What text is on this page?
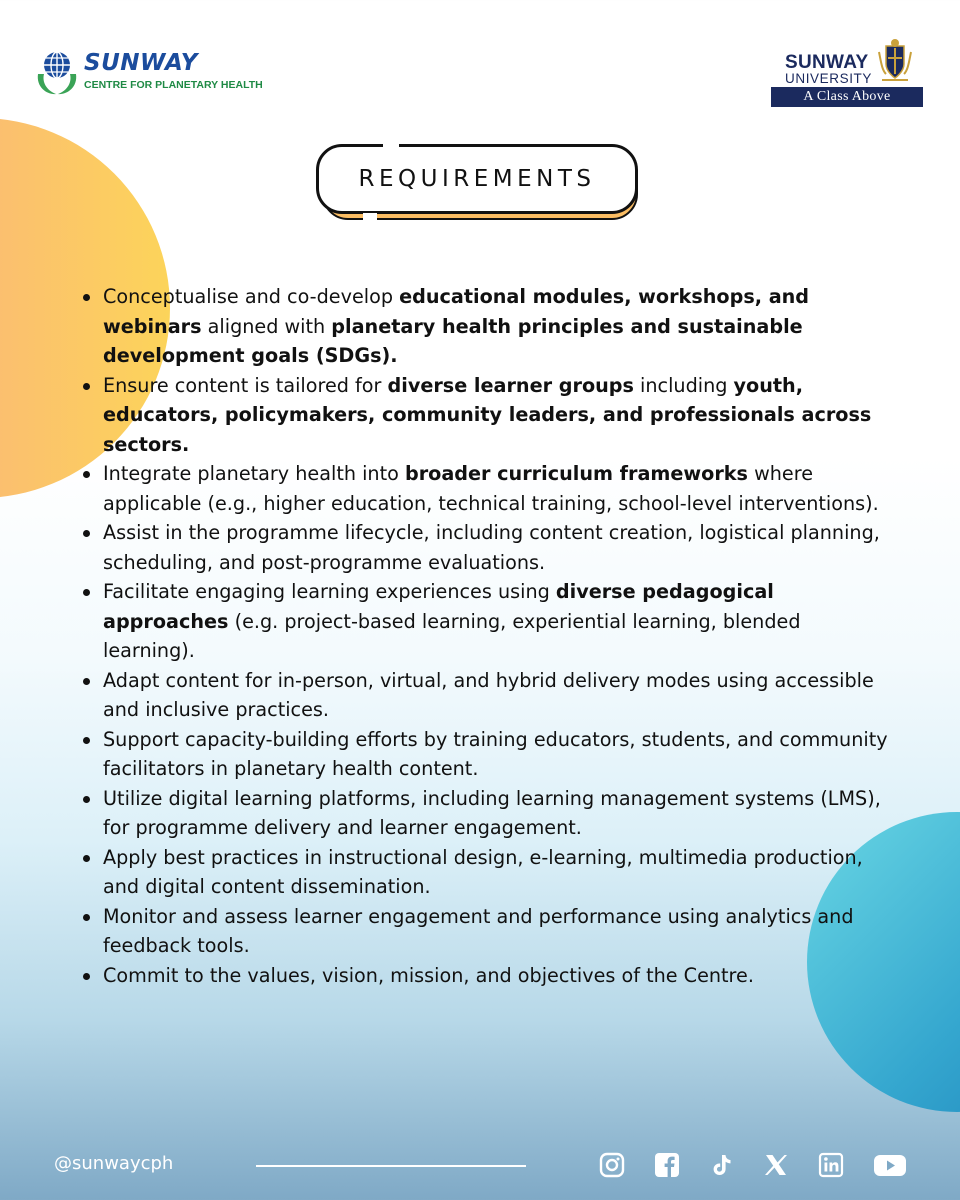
SUNWAY
CENTRE FOR PLANETARY HEALTH
SUNWAY
UNIVERSITY
A Class Above
REQUIREMENTS
Conceptualise and co-develop educational modules, workshops, and webinars aligned with planetary health principles and sustainable development goals (SDGs).
Ensure content is tailored for diverse learner groups including youth, educators, policymakers, community leaders, and professionals across sectors.
Integrate planetary health into broader curriculum frameworks where applicable (e.g., higher education, technical training, school-level interventions).
Assist in the programme lifecycle, including content creation, logistical planning, scheduling, and post-programme evaluations.
Facilitate engaging learning experiences using diverse pedagogical approaches (e.g. project-based learning, experiential learning, blended learning).
Adapt content for in-person, virtual, and hybrid delivery modes using accessible and inclusive practices.
Support capacity-building efforts by training educators, students, and community facilitators in planetary health content.
Utilize digital learning platforms, including learning management systems (LMS), for programme delivery and learner engagement.
Apply best practices in instructional design, e-learning, multimedia production, and digital content dissemination.
Monitor and assess learner engagement and performance using analytics and feedback tools.
Commit to the values, vision, mission, and objectives of the Centre.
@sunwaycph
